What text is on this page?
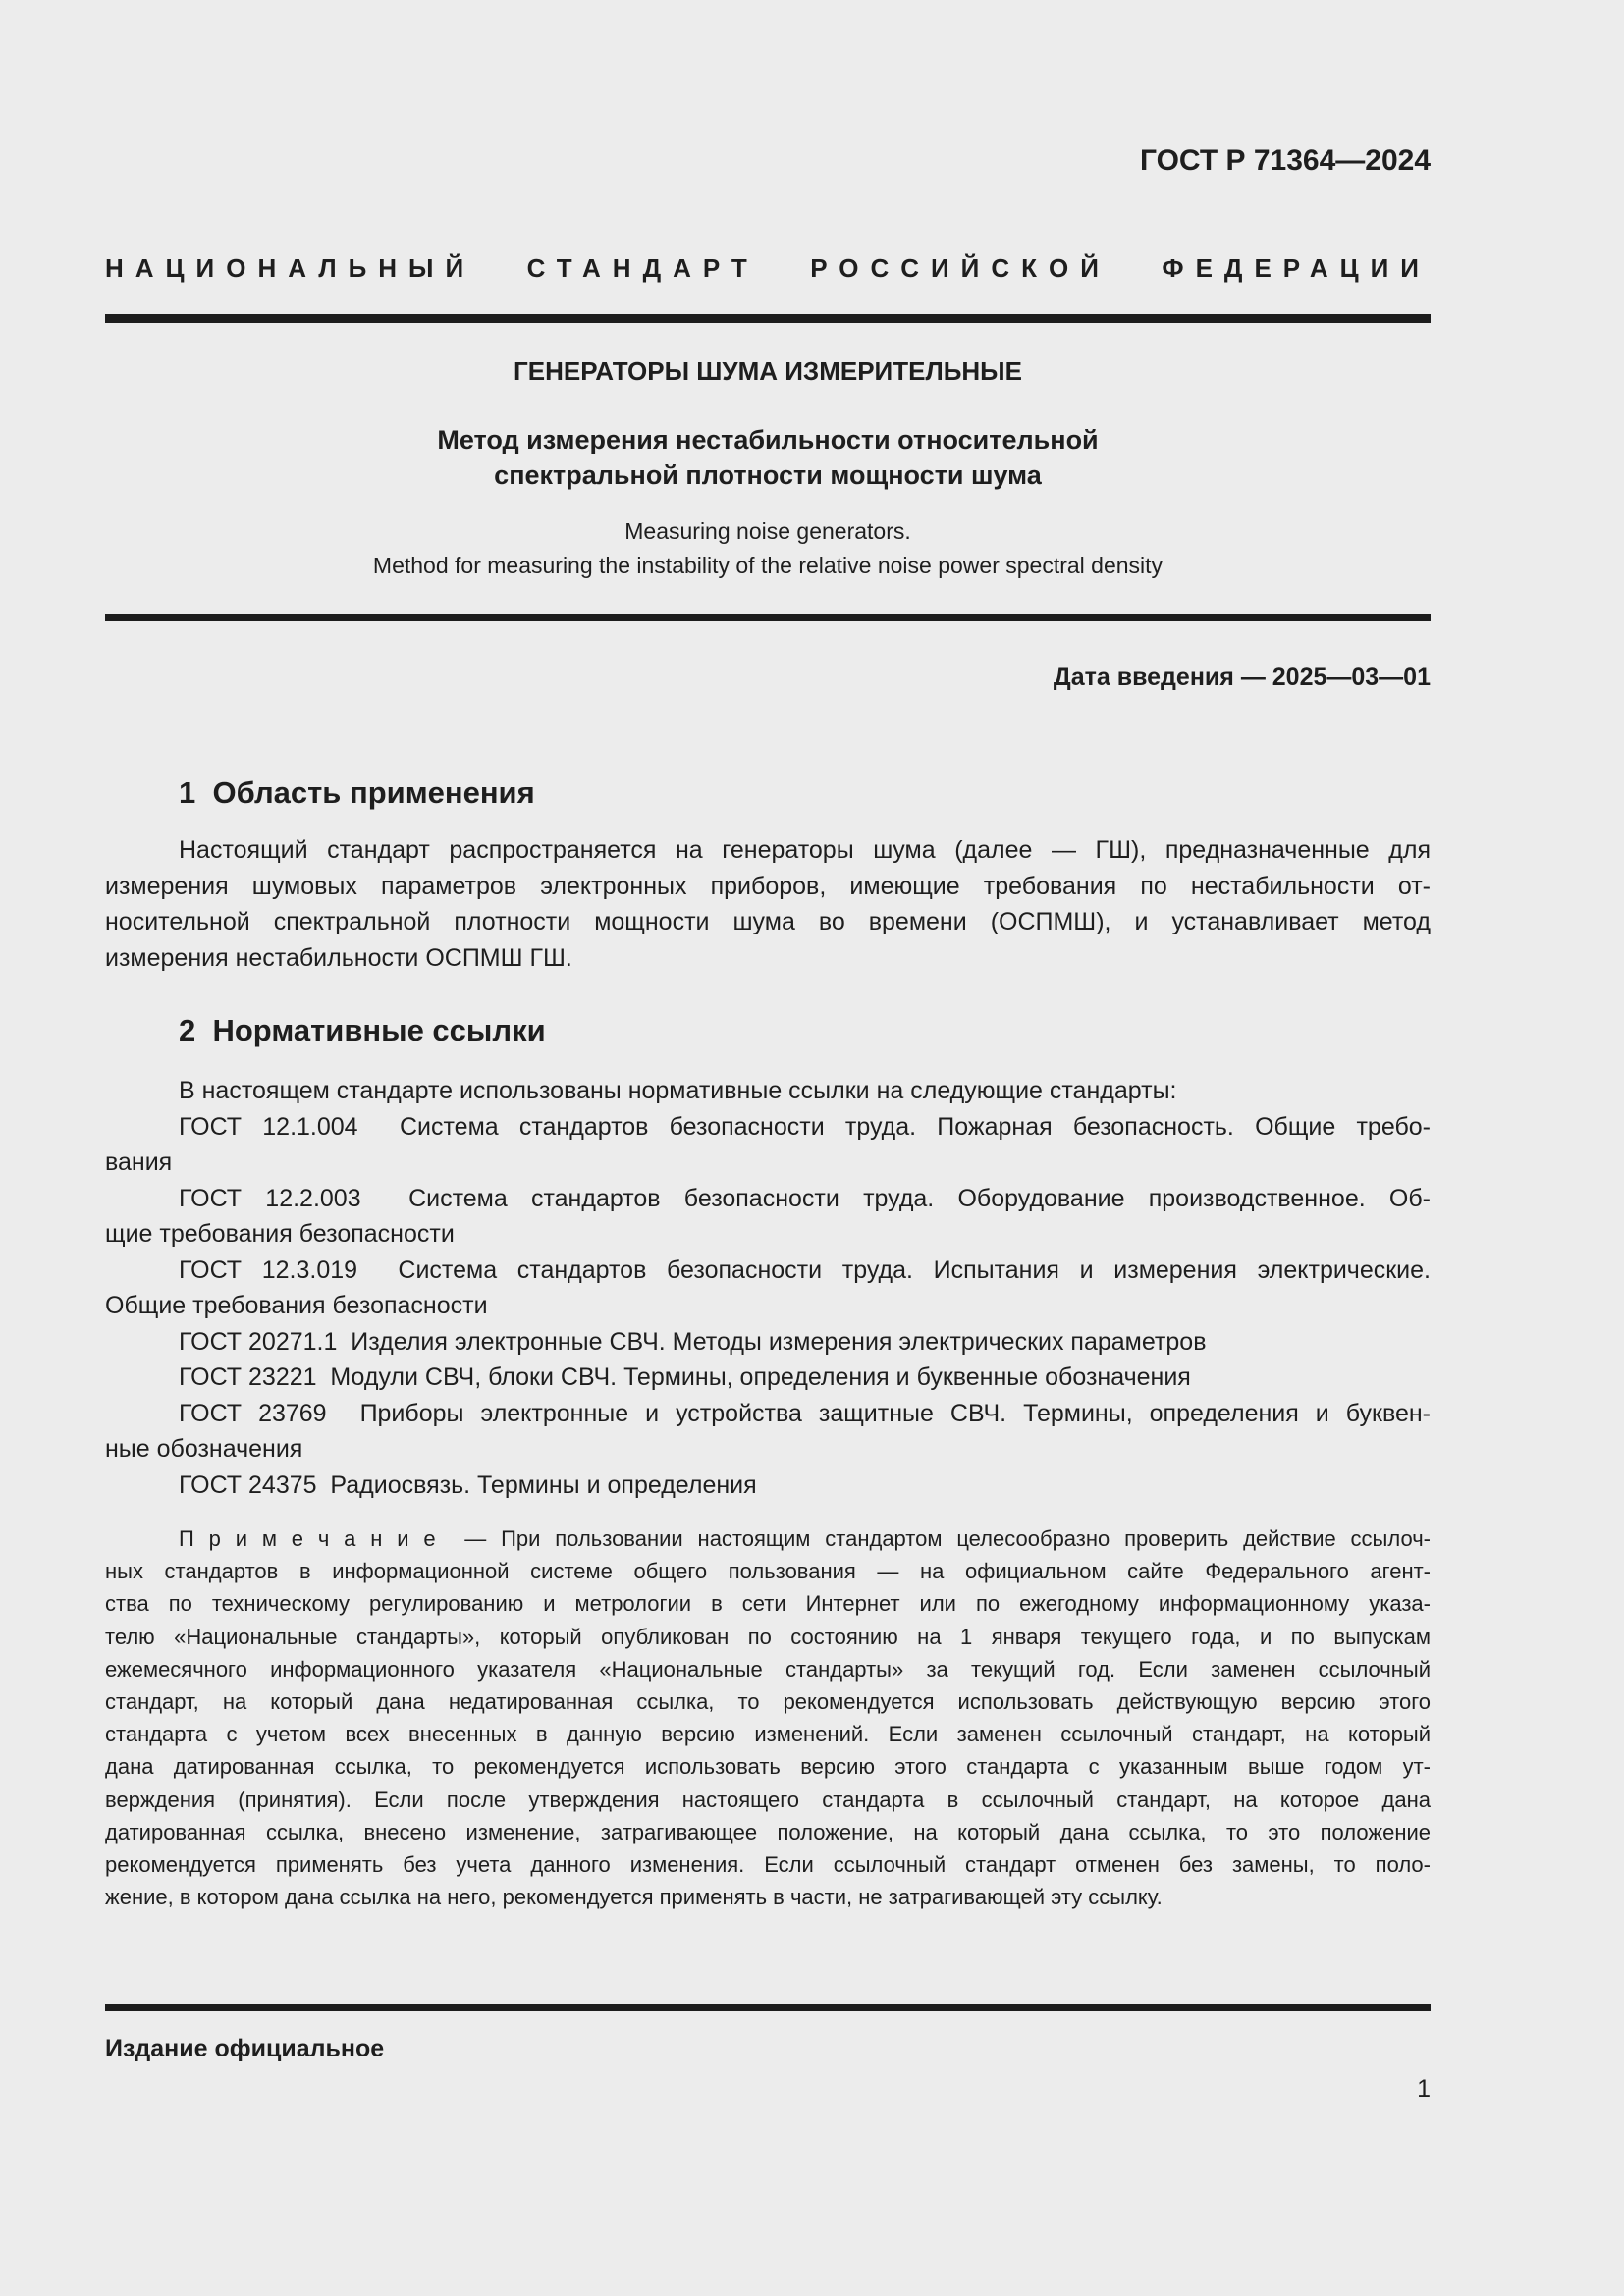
ГОСТ Р 71364—2024
НАЦИОНАЛЬНЫЙ СТАНДАРТ РОССИЙСКОЙ ФЕДЕРАЦИИ
ГЕНЕРАТОРЫ ШУМА ИЗМЕРИТЕЛЬНЫЕ
Метод измерения нестабильности относительной
спектральной плотности мощности шума
Measuring noise generators.
Method for measuring the instability of the relative noise power spectral density
Дата введения — 2025—03—01
1  Область применения
Настоящий стандарт распространяется на генераторы шума (далее — ГШ), предназначенные для
измерения шумовых параметров электронных приборов, имеющие требования по нестабильности от-
носительной спектральной плотности мощности шума во времени (ОСПМШ), и устанавливает метод
измерения нестабильности ОСПМШ ГШ.
2  Нормативные ссылки
В настоящем стандарте использованы нормативные ссылки на следующие стандарты:
ГОСТ 12.1.004  Система стандартов безопасности труда. Пожарная безопасность. Общие требо-
вания
ГОСТ 12.2.003  Система стандартов безопасности труда. Оборудование производственное. Об-
щие требования безопасности
ГОСТ 12.3.019  Система стандартов безопасности труда. Испытания и измерения электрические.
Общие требования безопасности
ГОСТ 20271.1  Изделия электронные СВЧ. Методы измерения электрических параметров
ГОСТ 23221  Модули СВЧ, блоки СВЧ. Термины, определения и буквенные обозначения
ГОСТ 23769  Приборы электронные и устройства защитные СВЧ. Термины, определения и буквен-
ные обозначения
ГОСТ 24375  Радиосвязь. Термины и определения
П р и м е ч а н и е  — При пользовании настоящим стандартом целесообразно проверить действие ссылоч-
ных стандартов в информационной системе общего пользования — на официальном сайте Федерального агент-
ства по техническому регулированию и метрологии в сети Интернет или по ежегодному информационному указа-
телю «Национальные стандарты», который опубликован по состоянию на 1 января текущего года, и по выпускам
ежемесячного информационного указателя «Национальные стандарты» за текущий год. Если заменен ссылочный
стандарт, на который дана недатированная ссылка, то рекомендуется использовать действующую версию этого
стандарта с учетом всех внесенных в данную версию изменений. Если заменен ссылочный стандарт, на который
дана датированная ссылка, то рекомендуется использовать версию этого стандарта с указанным выше годом ут-
верждения (принятия). Если после утверждения настоящего стандарта в ссылочный стандарт, на которое дана
датированная ссылка, внесено изменение, затрагивающее положение, на который дана ссылка, то это положение
рекомендуется применять без учета данного изменения. Если ссылочный стандарт отменен без замены, то поло-
жение, в котором дана ссылка на него, рекомендуется применять в части, не затрагивающей эту ссылку.
Издание официальное
1
